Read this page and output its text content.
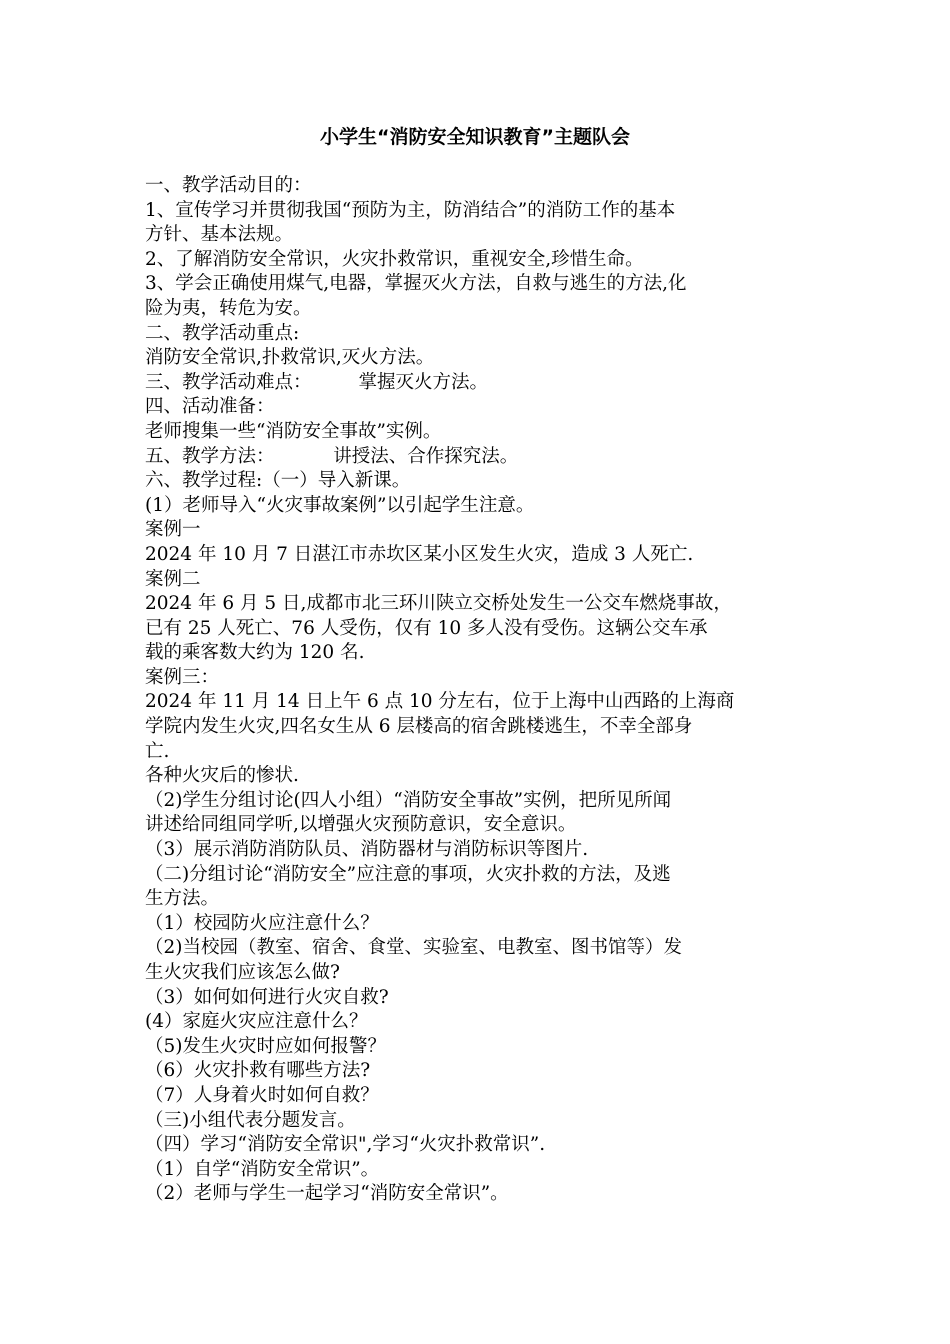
小学生“消防安全知识教育”主题队会
一、教学活动目的：
1、宣传学习并贯彻我国“预防为主，防消结合”的消防工作的基本
方针、基本法规。
2、了解消防安全常识，火灾扑救常识，重视安全,珍惜生命。
3、学会正确使用煤气,电器，掌握灭火方法，自救与逃生的方法,化
险为夷，转危为安。
二、教学活动重点:
消防安全常识,扑救常识,灭火方法。
三、教学活动难点：        掌握灭火方法。
四、活动准备：
老师搜集一些“消防安全事故”实例。
五、教学方法：          讲授法、合作探究法。
六、教学过程:（一）导入新课。
(1）老师导入“火灾事故案例”以引起学生注意。
案例一
2024 年 10 月 7 日湛江市赤坎区某小区发生火灾，造成 3 人死亡.
案例二
2024 年 6 月 5 日,成都市北三环川陕立交桥处发生一公交车燃烧事故，
已有 25 人死亡、76 人受伤，仅有 10 多人没有受伤。这辆公交车承
载的乘客数大约为 120 名.
案例三：
2024 年 11 月 14 日上午 6 点 10 分左右，位于上海中山西路的上海商
学院内发生火灾,四名女生从 6 层楼高的宿舍跳楼逃生，不幸全部身
亡.
各种火灾后的惨状.
（2)学生分组讨论(四人小组）“消防安全事故”实例，把所见所闻
讲述给同组同学听,以增强火灾预防意识，安全意识。
（3）展示消防消防队员、消防器材与消防标识等图片.
（二)分组讨论“消防安全”应注意的事项，火灾扑救的方法，及逃
生方法。
（1）校园防火应注意什么？
（2)当校园（教室、宿舍、食堂、实验室、电教室、图书馆等）发
生火灾我们应该怎么做?
（3）如何如何进行火灾自救?
(4）家庭火灾应注意什么？
（5)发生火灾时应如何报警？
（6）火灾扑救有哪些方法?
（7）人身着火时如何自救？
（三)小组代表分题发言。
（四）学习“消防安全常识",学习“火灾扑救常识”.
（1）自学“消防安全常识”。
（2）老师与学生一起学习“消防安全常识”。
